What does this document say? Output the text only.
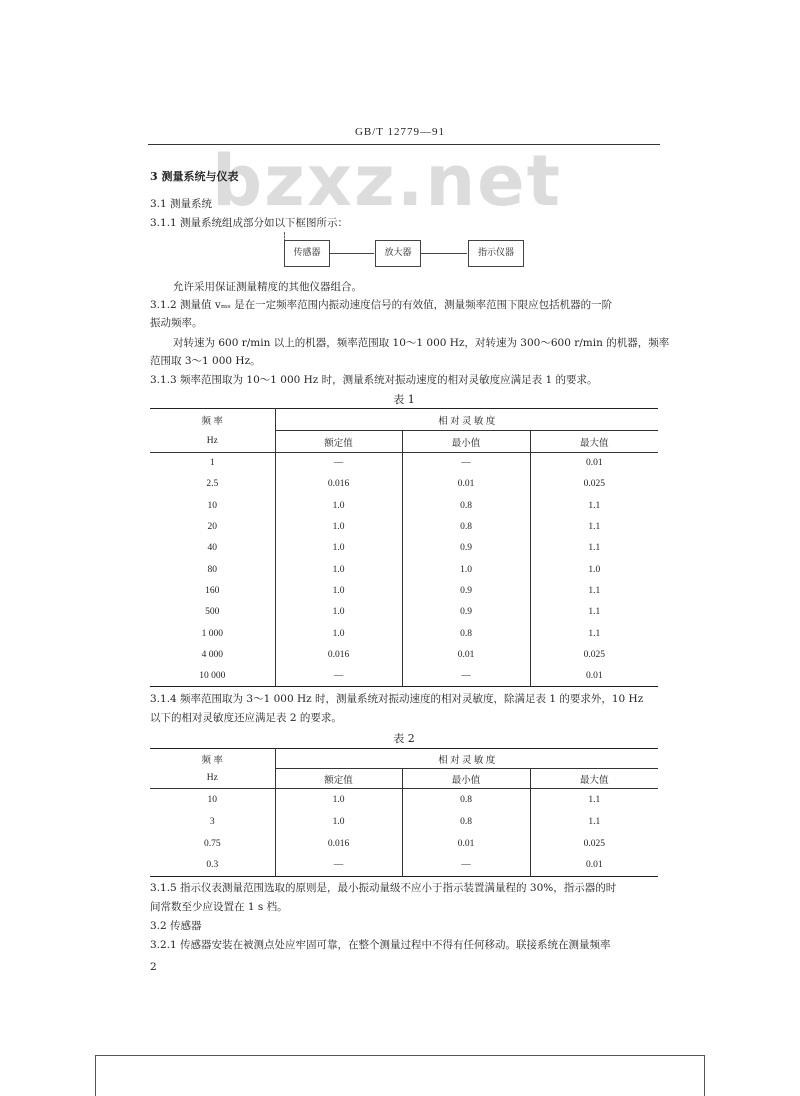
GB/T 12779—91
bzxz.net
3 测量系统与仪表
3.1 测量系统
3.1.1 测量系统组成部分如以下框图所示：
传感器	放大器	指示仪器
允许采用保证测量精度的其他仪器组合。
3.1.2 测量值 vₘₛ 是在一定频率范围内振动速度信号的有效值，测量频率范围下限应包括机器的一阶
振动频率。
对转速为 600 r/min 以上的机器，频率范围取 10～1 000 Hz，对转速为 300～600 r/min 的机器，频率
范围取 3～1 000 Hz。
3.1.3 频率范围取为 10～1 000 Hz 时，测量系统对振动速度的相对灵敏度应满足表 1 的要求。
表 1
频 率	相 对 灵 敏 度		
Hz	额定值	最小值	最大值
1	—	—	0.01
2.5	0.016	0.01	0.025
10	1.0	0.8	1.1
20	1.0	0.8	1.1
40	1.0	0.9	1.1
80	1.0	1.0	1.0
160	1.0	0.9	1.1
500	1.0	0.9	1.1
1 000	1.0	0.8	1.1
4 000	0.016	0.01	0.025
10 000	—	—	0.01
3.1.4 频率范围取为 3～1 000 Hz 时，测量系统对振动速度的相对灵敏度，除满足表 1 的要求外，10 Hz
以下的相对灵敏度还应满足表 2 的要求。
表 2
频 率	相 对 灵 敏 度		
Hz	额定值	最小值	最大值
10	1.0	0.8	1.1
3	1.0	0.8	1.1
0.75	0.016	0.01	0.025
0.3	—	—	0.01
3.1.5 指示仪表测量范围选取的原则是，最小振动量级不应小于指示装置满量程的 30%，指示器的时
间常数至少应设置在 1 s 档。
3.2 传感器
3.2.1 传感器安装在被测点处应牢固可靠，在整个测量过程中不得有任何移动。联接系统在测量频率
2
